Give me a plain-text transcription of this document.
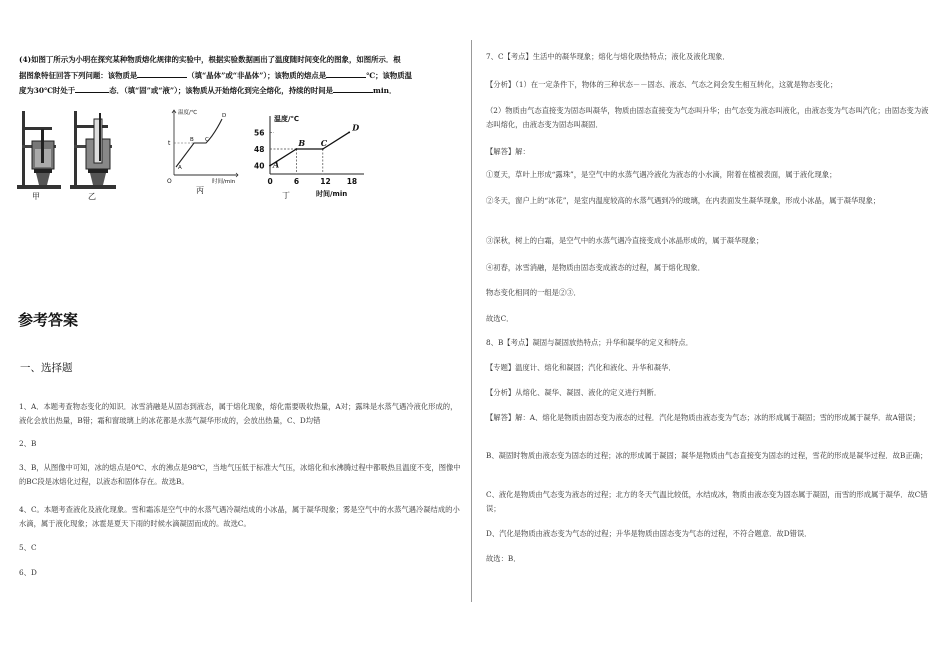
(4)如图丁所示为小明在探究某种物质熔化规律的实验中，根据实验数据画出了温度随时间变化的图象，如图所示．根
据图象特征回答下列问题：该物质是	（填“晶体”或“非晶体”）；该物质的熔点是	℃；该物质温
度为30℃时处于	态．（填“固”或“液”）；该物质从开始熔化到完全熔化，持续的时间是	min．
甲	乙
温度/℃
时间/min
O
t
A
B C
D
丙
温度/℃
时间/min
0	6	12 18
40
48
56
丁
A
B C
D
参考答案
一、选择题
1、A．本题考查物态变化的知识．冰雪消融是从固态到液态，属于熔化现象，熔化需要吸收热量，A对；露珠是水蒸气遇冷液化形成的，液化会放出热量，B错；霜和窗玻璃上的冰花都是水蒸气凝华形成的，会放出热量，C、D均错
2、B
3、B，从图像中可知，冰的熔点是0℃、水的沸点是98℃，当地气压低于标准大气压，冰熔化和水沸腾过程中都吸热且温度不变，图像中的BC段是冰熔化过程，以液态和固体存在。故选B。
4、C。本题考查液化及液化现象。雪和霜冻是空气中的水蒸气遇冷凝结成的小冰晶，属于凝华现象；雾是空气中的水蒸气遇冷凝结成的小水滴，属于液化现象；冰雹是夏天下雨的时候水滴凝固而成的。故选C。
5、C
6、D
7、C【考点】生活中的凝华现象；熔化与熔化吸热特点；液化及液化现象．
【分析】（1）在一定条件下，物体的三种状态－－固态、液态、气态之间会发生相互转化，这就是物态变化；
（2）物质由气态直接变为固态叫凝华，物质由固态直接变为气态叫升华；由气态变为液态叫液化，由液态变为气态叫汽化；由固态变为液态叫熔化，由液态变为固态叫凝固．
【解答】解：
①夏天，草叶上形成“露珠”，是空气中的水蒸气遇冷液化为液态的小水滴，附着在植被表面，属于液化现象；
②冬天，窗户上的“冰花”，是室内温度较高的水蒸气遇到冷的玻璃，在内表面发生凝华现象，形成小冰晶，属于凝华现象；
③深秋，树上的白霜，是空气中的水蒸气遇冷直接变成小冰晶形成的，属于凝华现象；
④初春，冰雪消融，是物质由固态变成液态的过程，属于熔化现象．
物态变化相同的一组是②③．
故选C．
8、B【考点】凝固与凝固放热特点；升华和凝华的定义和特点．
【专题】温度计、熔化和凝固；汽化和液化、升华和凝华．
【分析】从熔化、凝华、凝固、液化的定义进行判断．
【解答】解：A、熔化是物质由固态变为液态的过程．汽化是物质由液态变为气态；冰的形成属于凝固；雪的形成属于凝华．故A错误；
B、凝固时物质由液态变为固态的过程；冰的形成属于凝固；凝华是物质由气态直接变为固态的过程，雪花的形成是凝华过程．故B正确；
C、液化是物质由气态变为液态的过程；北方的冬天气温比较低，水结成冰，物质由液态变为固态属于凝固，而雪的形成属于凝华．故C错误；
D、汽化是物质由液态变为气态的过程；升华是物质由固态变为气态的过程，不符合题意．故D错误．
故选：B．
